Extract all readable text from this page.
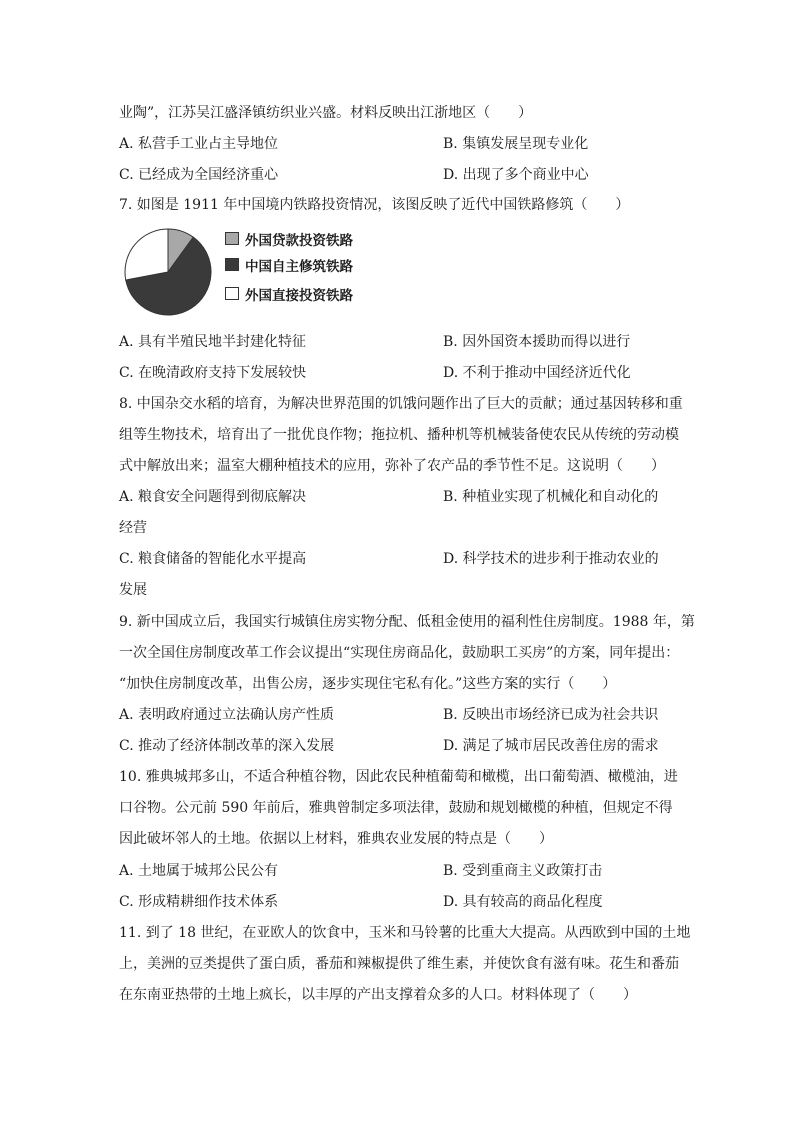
业陶”，江苏吴江盛泽镇纺织业兴盛。材料反映出江浙地区（　　）
A. 私营手工业占主导地位	B. 集镇发展呈现专业化
C. 已经成为全国经济重心	D. 出现了多个商业中心
7. 如图是 1911 年中国境内铁路投资情况，该图反映了近代中国铁路修筑（　　）
外国贷款投资铁路
中国自主修筑铁路
外国直接投资铁路
A. 具有半殖民地半封建化特征	B. 因外国资本援助而得以进行
C. 在晚清政府支持下发展较快	D. 不利于推动中国经济近代化
8. 中国杂交水稻的培育，为解决世界范围的饥饿问题作出了巨大的贡献；通过基因转移和重
组等生物技术，培育出了一批优良作物；拖拉机、播种机等机械装备使农民从传统的劳动模
式中解放出来；温室大棚种植技术的应用，弥补了农产品的季节性不足。这说明（　　）
A. 粮食安全问题得到彻底解决	B. 种植业实现了机械化和自动化的
经营
C. 粮食储备的智能化水平提高	D. 科学技术的进步利于推动农业的
发展
9. 新中国成立后，我国实行城镇住房实物分配、低租金使用的福利性住房制度。1988 年，第
一次全国住房制度改革工作会议提出“实现住房商品化，鼓励职工买房”的方案，同年提出：
“加快住房制度改革，出售公房，逐步实现住宅私有化。”这些方案的实行（　　）
A. 表明政府通过立法确认房产性质	B. 反映出市场经济已成为社会共识
C. 推动了经济体制改革的深入发展	D. 满足了城市居民改善住房的需求
10. 雅典城邦多山，不适合种植谷物，因此农民种植葡萄和橄榄，出口葡萄酒、橄榄油，进
口谷物。公元前 590 年前后，雅典曾制定多项法律，鼓励和规划橄榄的种植，但规定不得
因此破坏邻人的土地。依据以上材料，雅典农业发展的特点是（　　）
A. 土地属于城邦公民公有	B. 受到重商主义政策打击
C. 形成精耕细作技术体系	D. 具有较高的商品化程度
11. 到了 18 世纪，在亚欧人的饮食中，玉米和马铃薯的比重大大提高。从西欧到中国的土地
上，美洲的豆类提供了蛋白质，番茄和辣椒提供了维生素，并使饮食有滋有味。花生和番茄
在东南亚热带的土地上疯长，以丰厚的产出支撑着众多的人口。材料体现了（　　）
